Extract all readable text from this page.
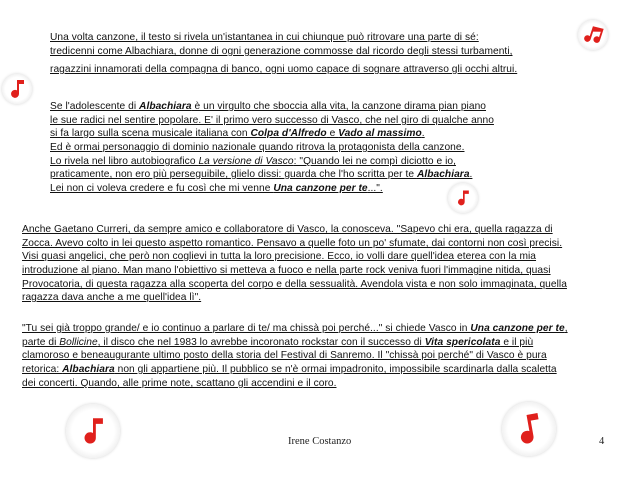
Una volta canzone, il testo si rivela un'istantanea in cui chiunque può ritrovare una parte di sé:
tredicenni come Albachiara, donne di ogni generazione commosse dal ricordo degli stessi turbamenti,
ragazzini innamorati della compagna di banco, ogni uomo capace di sognare attraverso gli occhi altrui.
Se l'adolescente di Albachiara è un virgulto che sboccia alla vita, la canzone dirama pian piano
le sue radici nel sentire popolare. E' il primo vero successo di Vasco, che nel giro di qualche anno
si fa largo sulla scena musicale italiana con Colpa d'Alfredo e Vado al massimo.
Ed è ormai personaggio di dominio nazionale quando ritrova la protagonista della canzone.
Lo rivela nel libro autobiografico La versione di Vasco: "Quando lei ne compì diciotto e io,
praticamente, non ero più perseguibile, glielo dissi: guarda che l'ho scritta per te Albachiara.
Lei non ci voleva credere e fu così che mi venne Una canzone per te...".
Anche Gaetano Curreri, da sempre amico e collaboratore di Vasco, la conosceva. "Sapevo chi era, quella ragazza di
Zocca. Avevo colto in lei questo aspetto romantico. Pensavo a quelle foto un po' sfumate, dai contorni non così precisi.
Visi quasi angelici, che però non coglievi in tutta la loro precisione. Ecco, io volli dare quell'idea eterea con la mia
introduzione al piano. Man mano l'obiettivo si metteva a fuoco e nella parte rock veniva fuori l'immagine nitida, quasi
Provocatoria, di questa ragazza alla scoperta del corpo e della sessualità. Avendola vista e non solo immaginata, quella
ragazza dava anche a me quell'idea lì".
"Tu sei già troppo grande/ e io continuo a parlare di te/ ma chissà poi perché..." si chiede Vasco in Una canzone per te,
parte di Bollicine, il disco che nel 1983 lo avrebbe incoronato rockstar con il successo di Vita spericolata e il più
clamoroso e beneaugurante ultimo posto della storia del Festival di Sanremo. Il "chissà poi perché" di Vasco è pura
retorica: Albachiara non gli appartiene più. Il pubblico se n'è ormai impadronito, impossibile scardinarla dalla scaletta
dei concerti. Quando, alle prime note, scattano gli accendini e il coro.
Irene Costanzo	4
